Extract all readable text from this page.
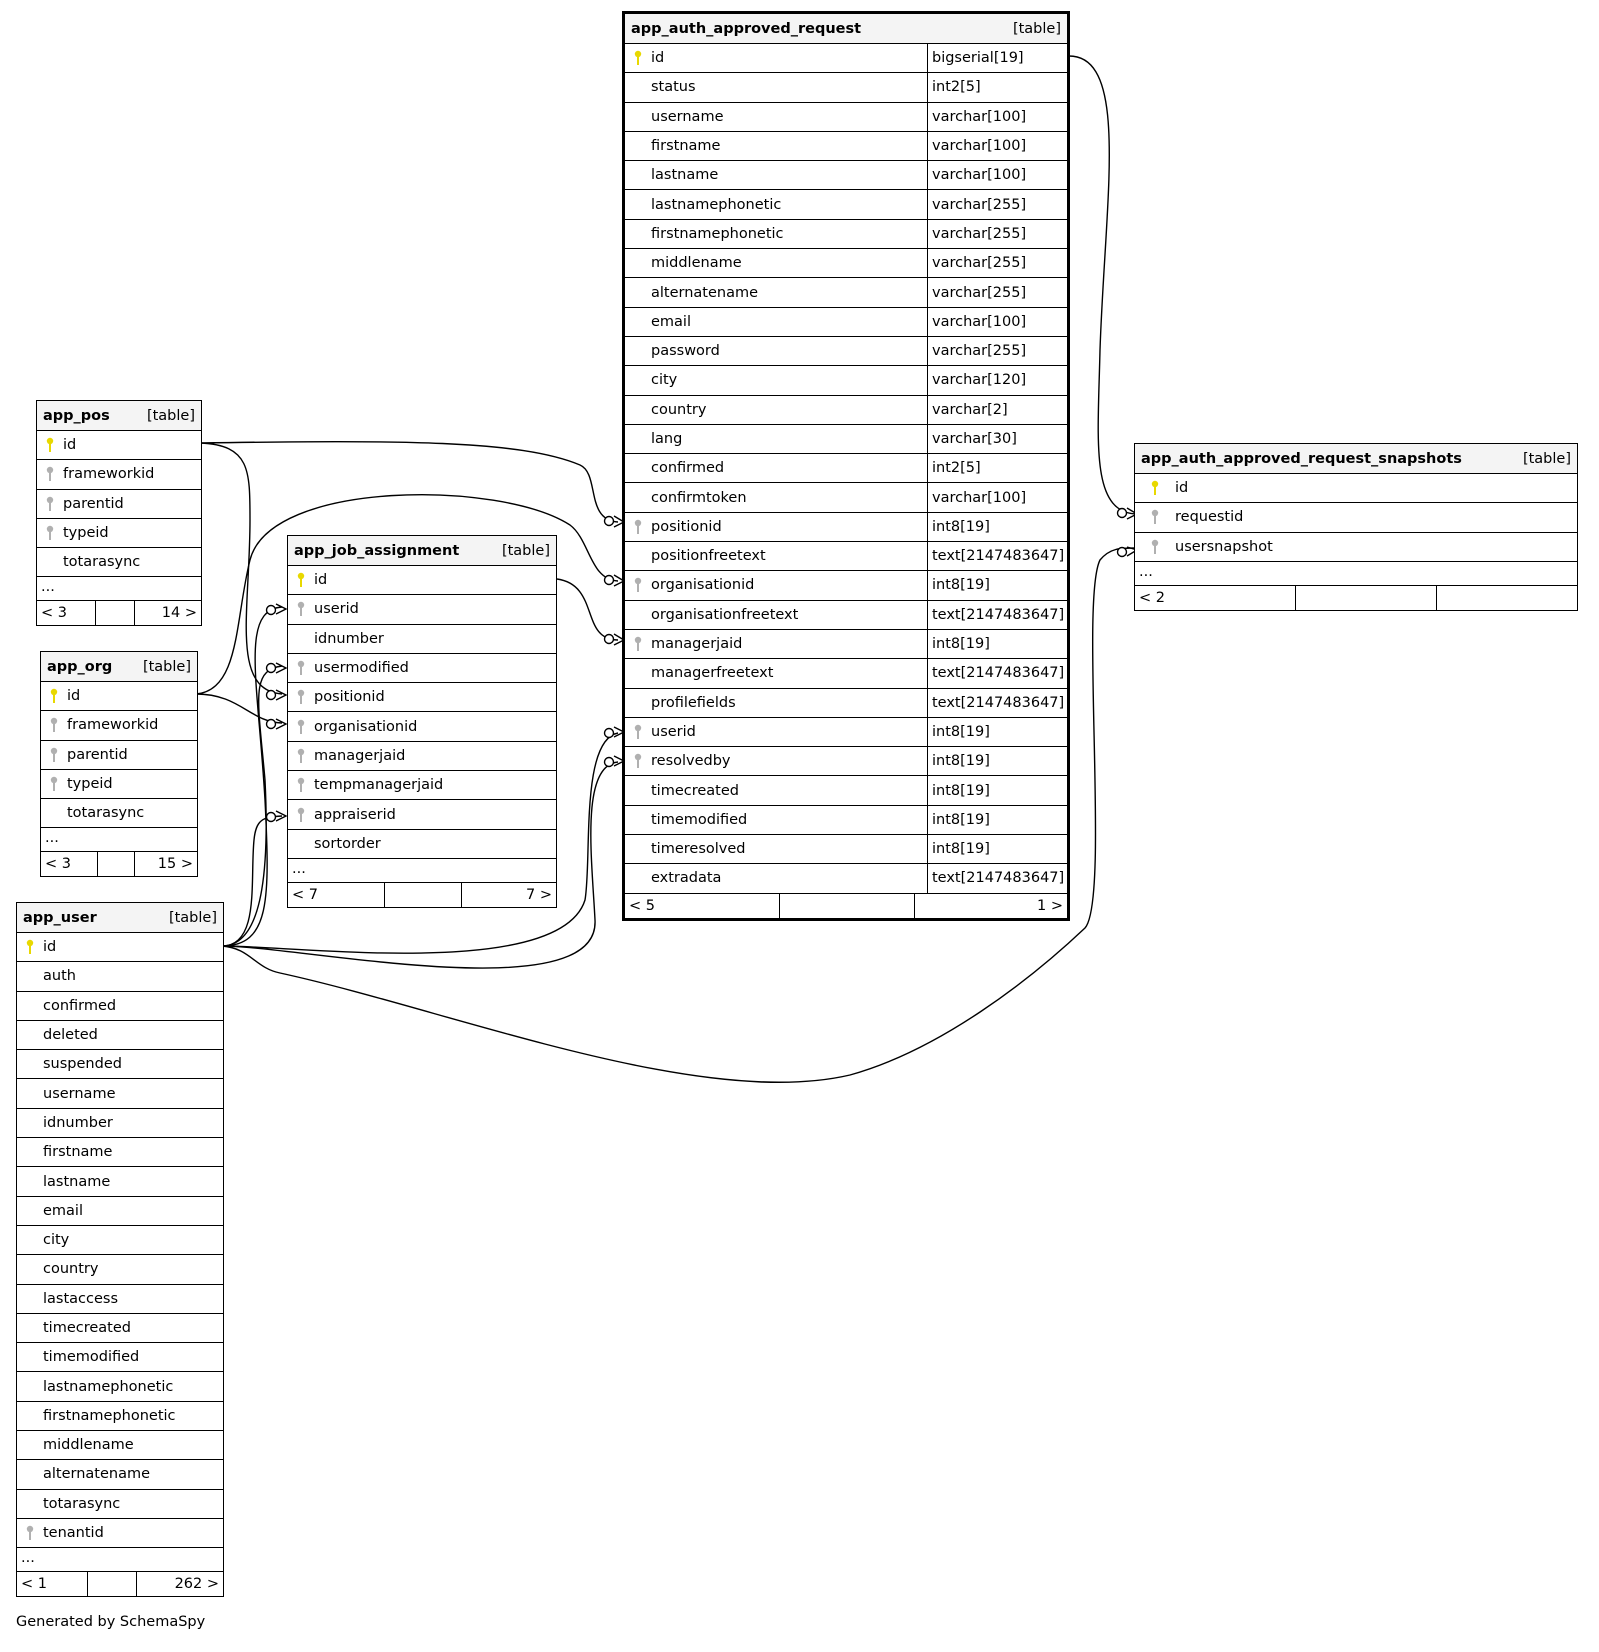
app_pos	[table]
id
frameworkid
parentid
typeid
totarasync
...
< 3	14 >
app_org [table]
id
frameworkid
parentid
typeid
totarasync
...
< 3	15 >
app_user	[table]
id
auth
confirmed
deleted
suspended
username
idnumber
firstname
lastname
email
city
country
lastaccess
timecreated
timemodified
lastnamephonetic
firstnamephonetic
middlename
alternatename
totarasync
tenantid
...
< 1	262 >
app_job_assignment	[table]
id
userid
idnumber
usermodified
positionid
organisationid
managerjaid
tempmanagerjaid
appraiserid
sortorder
...
< 7	7 >
app_auth_approved_request	[table]
id	bigserial[19]
status	int2[5]
username	varchar[100]
firstname	varchar[100]
lastname	varchar[100]
lastnamephonetic	varchar[255]
firstnamephonetic	varchar[255]
middlename	varchar[255]
alternatename	varchar[255]
email	varchar[100]
password	varchar[255]
city	varchar[120]
country	varchar[2]
lang	varchar[30]
confirmed	int2[5]
confirmtoken	varchar[100]
positionid	int8[19]
positionfreetext	text[2147483647]
organisationid	int8[19]
organisationfreetext	text[2147483647]
managerjaid	int8[19]
managerfreetext	text[2147483647]
profilefields	text[2147483647]
userid	int8[19]
resolvedby	int8[19]
timecreated	int8[19]
timemodified	int8[19]
timeresolved	int8[19]
extradata	text[2147483647]
< 5	1 >
app_auth_approved_request_snapshots	[table]
id
requestid
usersnapshot
...
< 2
Generated by SchemaSpy
